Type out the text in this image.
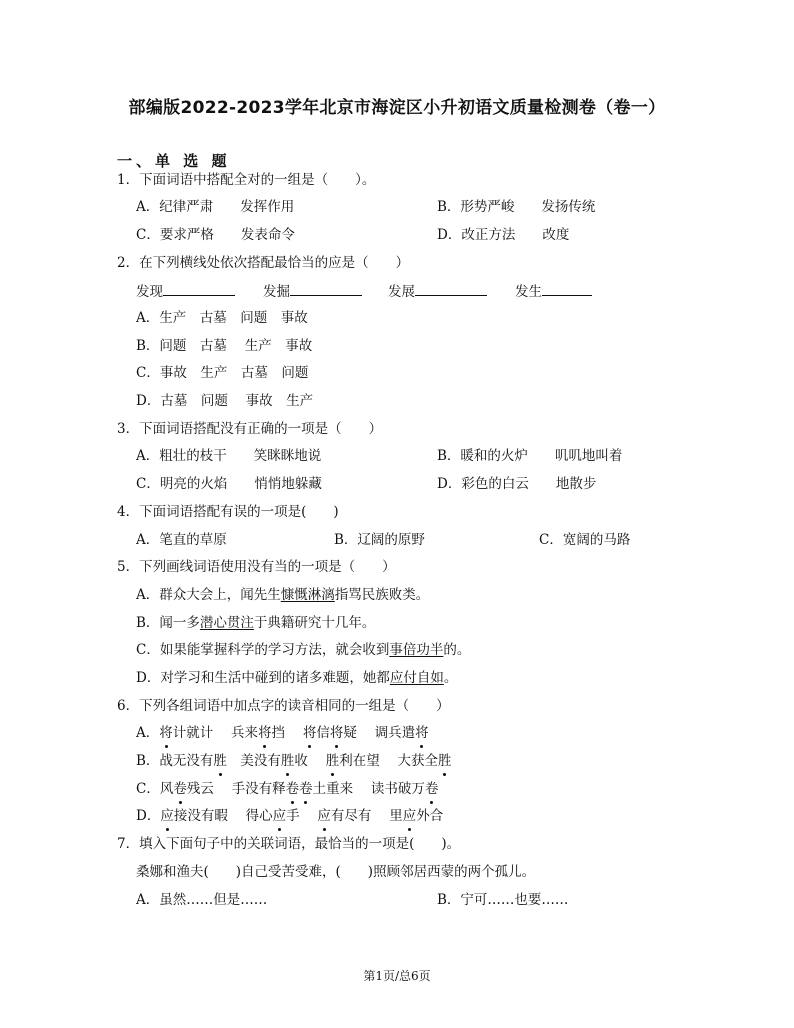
部编版2022-2023学年北京市海淀区小升初语文质量检测卷（卷一）
一、单 选 题
1．下面词语中搭配全对的一组是（　　）。
A．纪律严肃　　发挥作用	B．形势严峻　　发扬传统
C．要求严格　　发表命令	D．改正方法　　改度
2．在下列横线处依次搭配最恰当的应是（　　）
发现	发掘	发展	发生
A．生产　古墓　问题　事故
B．问题　古墓　 生产　事故
C．事故　生产　古墓　问题
D．古墓　问题　 事故　生产
3．下面词语搭配没有正确的一项是（　　）
A．粗壮的枝干　　笑眯眯地说	B．暖和的火炉　　叽叽地叫着
C．明亮的火焰　　悄悄地躲藏	D．彩色的白云　　地散步
4．下面词语搭配有误的一项是(　　)
A．笔直的草原	B．辽阔的原野	C．宽阔的马路
5．下列画线词语使用没有当的一项是（　　）
A．群众大会上，闻先生慷慨淋漓指骂民族败类。
B．闻一多潜心贯注于典籍研究十几年。
C．如果能掌握科学的学习方法，就会收到事倍功半的。
D．对学习和生活中碰到的诸多难题，她都应付自如。
6．下列各组词语中加点字的读音相同的一组是（　　）
A．将计就计　 兵来将挡　 将信将疑　 调兵遣将
B．战无没有胜　美没有胜收　 胜利在望　 大获全胜
C．风卷残云　 手没有释卷卷土重来　 读书破万卷
D．应接没有暇　 得心应手　 应有尽有　 里应外合
7．填入下面句子中的关联词语，最恰当的一项是(　　)。
桑娜和渔夫(　　)自己受苦受难，(　　)照顾邻居西蒙的两个孤儿。
A．虽然……但是……	B．宁可……也要……
第1页/总6页
